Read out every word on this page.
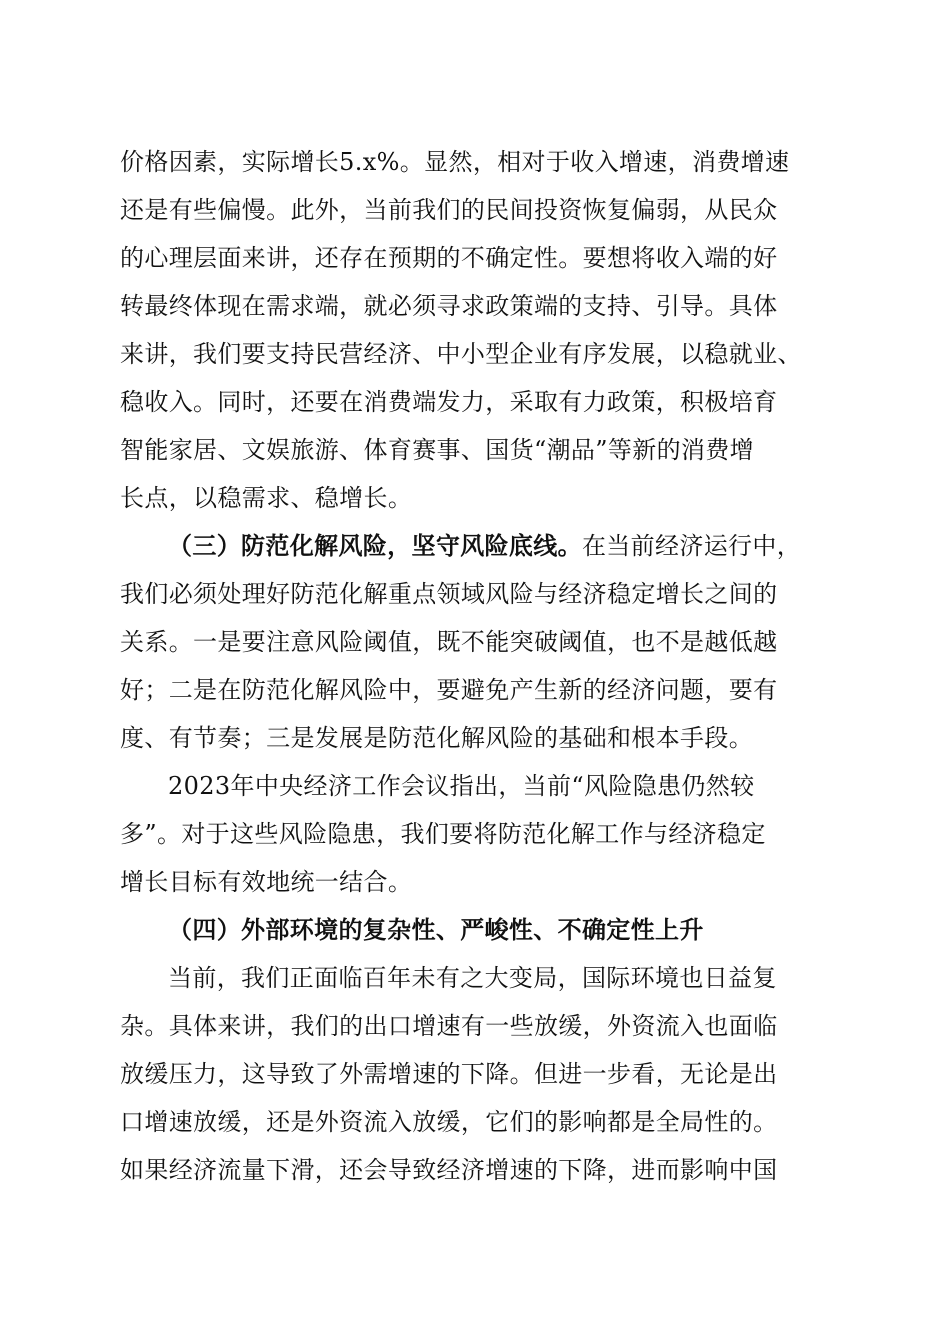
价格因素，实际增长5.x%。显然，相对于收入增速，消费增速
还是有些偏慢。此外，当前我们的民间投资恢复偏弱，从民众
的心理层面来讲，还存在预期的不确定性。要想将收入端的好
转最终体现在需求端，就必须寻求政策端的支持、引导。具体
来讲，我们要支持民营经济、中小型企业有序发展，以稳就业、
稳收入。同时，还要在消费端发力，采取有力政策，积极培育
智能家居、文娱旅游、体育赛事、国货“潮品”等新的消费增
长点，以稳需求、稳增长。
（三）防范化解风险，坚守风险底线。在当前经济运行中，
我们必须处理好防范化解重点领域风险与经济稳定增长之间的
关系。一是要注意风险阈值，既不能突破阈值，也不是越低越
好；二是在防范化解风险中，要避免产生新的经济问题，要有
度、有节奏；三是发展是防范化解风险的基础和根本手段。
2023年中央经济工作会议指出，当前“风险隐患仍然较
多”。对于这些风险隐患，我们要将防范化解工作与经济稳定
增长目标有效地统一结合。
（四）外部环境的复杂性、严峻性、不确定性上升
当前，我们正面临百年未有之大变局，国际环境也日益复
杂。具体来讲，我们的出口增速有一些放缓，外资流入也面临
放缓压力，这导致了外需增速的下降。但进一步看，无论是出
口增速放缓，还是外资流入放缓，它们的影响都是全局性的。
如果经济流量下滑，还会导致经济增速的下降，进而影响中国
